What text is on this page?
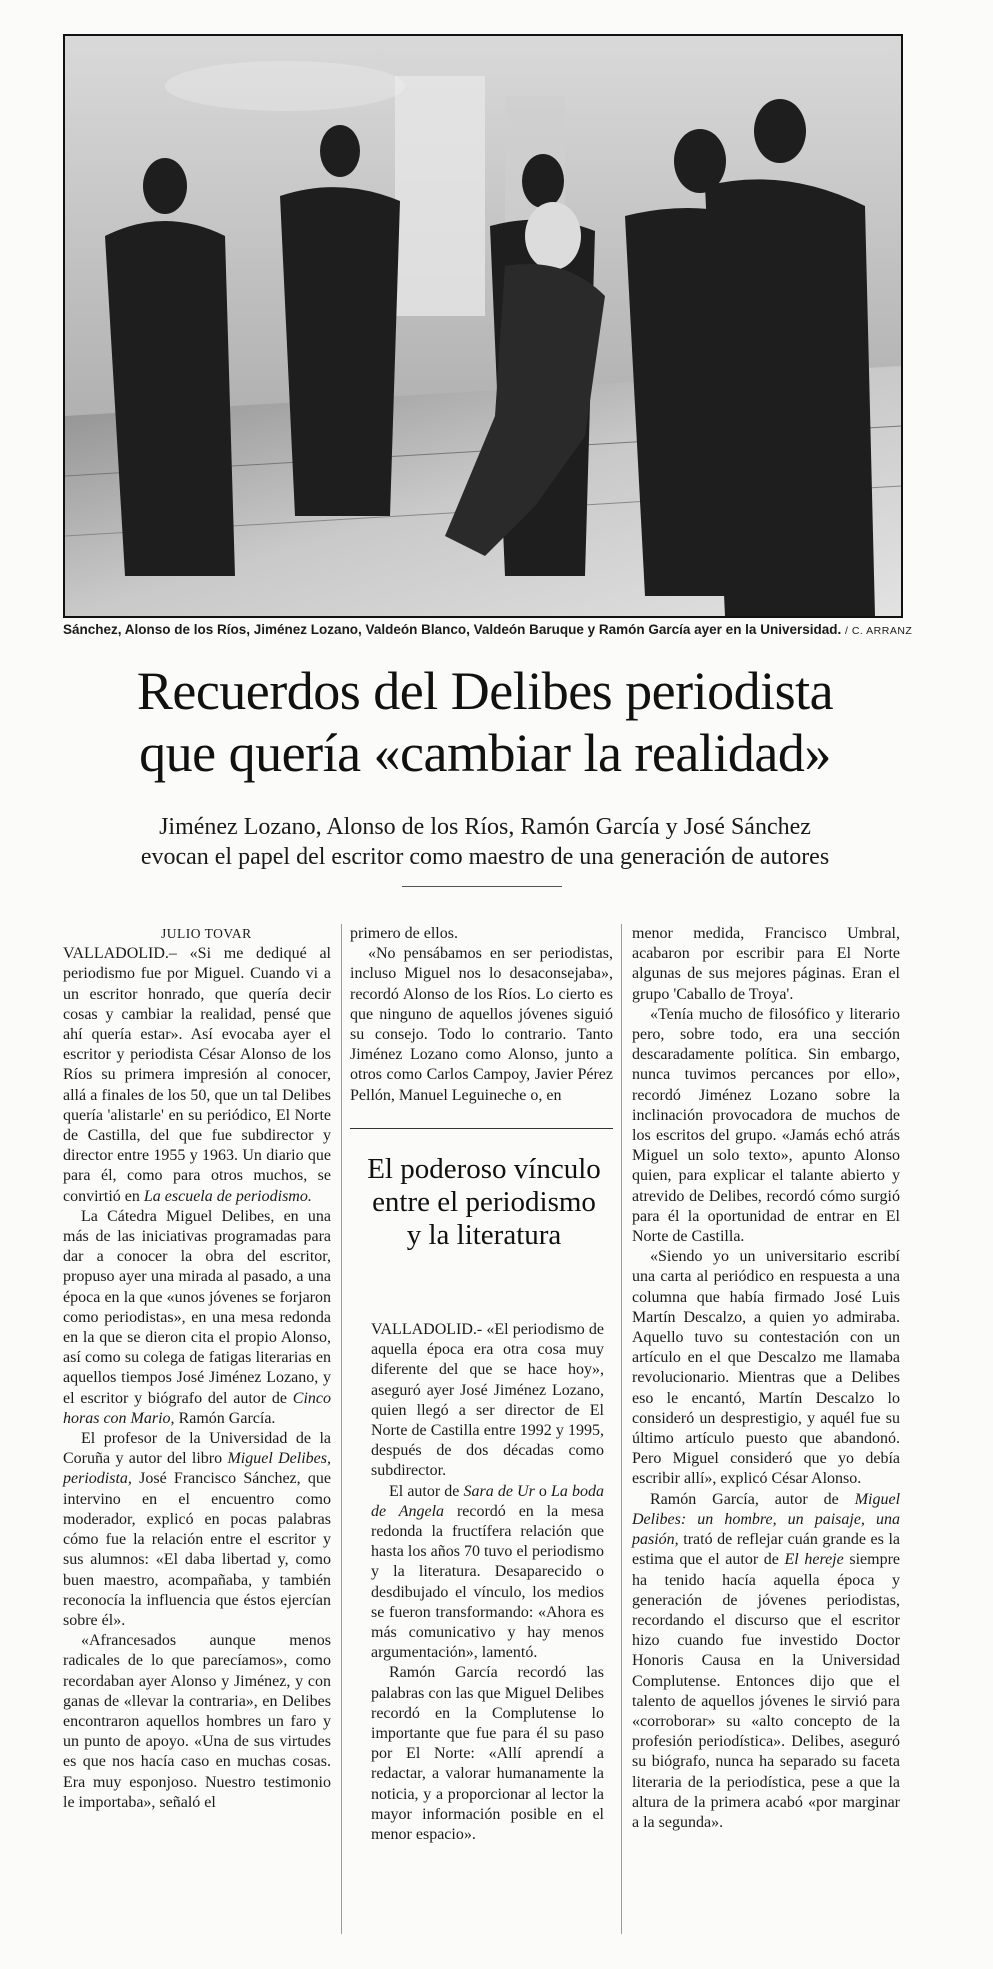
Sánchez, Alonso de los Ríos, Jiménez Lozano, Valdeón Blanco, Valdeón Baruque y Ramón García ayer en la Universidad. / C. ARRANZ
Recuerdos del Delibes periodista
que quería «cambiar la realidad»
Jiménez Lozano, Alonso de los Ríos, Ramón García y José Sánchez
evocan el papel del escritor como maestro de una generación de autores

JULIO TOVAR

VALLADOLID.– «Si me dediqué al periodismo fue por Miguel. Cuando vi a un escritor honrado, que quería decir cosas y cambiar la realidad, pensé que ahí quería estar». Así evocaba ayer el escritor y periodista César Alonso de los Ríos su primera impresión al conocer, allá a finales de los 50, que un tal Delibes quería 'alistarle' en su periódico, El Norte de Castilla, del que fue subdirector y director entre 1955 y 1963. Un diario que para él, como para otros muchos, se convirtió en La escuela de periodismo.

La Cátedra Miguel Delibes, en una más de las iniciativas programadas para dar a conocer la obra del escritor, propuso ayer una mirada al pasado, a una época en la que «unos jóvenes se forjaron como periodistas», en una mesa redonda en la que se dieron cita el propio Alonso, así como su colega de fatigas literarias en aquellos tiempos José Jiménez Lozano, y el escritor y biógrafo del autor de Cinco horas con Mario, Ramón García.

El profesor de la Universidad de la Coruña y autor del libro Miguel Delibes, periodista, José Francisco Sánchez, que intervino en el encuentro como moderador, explicó en pocas palabras cómo fue la relación entre el escritor y sus alumnos: «El daba libertad y, como buen maestro, acompañaba, y también reconocía la influencia que éstos ejercían sobre él».

«Afrancesados aunque menos radicales de lo que parecíamos», como recordaban ayer Alonso y Jiménez, y con ganas de «llevar la contraria», en Delibes encontraron aquellos hombres un faro y un punto de apoyo. «Una de sus virtudes es que nos hacía caso en muchas cosas. Era muy esponjoso. Nuestro testimonio le importaba», señaló el

primero de ellos.

«No pensábamos en ser periodistas, incluso Miguel nos lo desaconsejaba», recordó Alonso de los Ríos. Lo cierto es que ninguno de aquellos jóvenes siguió su consejo. Todo lo contrario. Tanto Jiménez Lozano como Alonso, junto a otros como Carlos Campoy, Javier Pérez Pellón, Manuel Leguineche o, en

El poderoso vínculo entre el periodismo y la literatura

VALLADOLID.- «El periodismo de aquella época era otra cosa muy diferente del que se hace hoy», aseguró ayer José Jiménez Lozano, quien llegó a ser director de El Norte de Castilla entre 1992 y 1995, después de dos décadas como subdirector.

El autor de Sara de Ur o La boda de Angela recordó en la mesa redonda la fructífera relación que hasta los años 70 tuvo el periodismo y la literatura. Desaparecido o desdibujado el vínculo, los medios se fueron transformando: «Ahora es más comunicativo y hay menos argumentación», lamentó.

Ramón García recordó las palabras con las que Miguel Delibes recordó en la Complutense lo importante que fue para él su paso por El Norte: «Allí aprendí a redactar, a valorar humanamente la noticia, y a proporcionar al lector la mayor información posible en el menor espacio».

menor medida, Francisco Umbral, acabaron por escribir para El Norte algunas de sus mejores páginas. Eran el grupo 'Caballo de Troya'.

«Tenía mucho de filosófico y literario pero, sobre todo, era una sección descaradamente política. Sin embargo, nunca tuvimos percances por ello», recordó Jiménez Lozano sobre la inclinación provocadora de muchos de los escritos del grupo. «Jamás echó atrás Miguel un solo texto», apunto Alonso quien, para explicar el talante abierto y atrevido de Delibes, recordó cómo surgió para él la oportunidad de entrar en El Norte de Castilla.

«Siendo yo un universitario escribí una carta al periódico en respuesta a una columna que había firmado José Luis Martín Descalzo, a quien yo admiraba. Aquello tuvo su contestación con un artículo en el que Descalzo me llamaba revolucionario. Mientras que a Delibes eso le encantó, Martín Descalzo lo consideró un desprestigio, y aquél fue su último artículo puesto que abandonó. Pero Miguel consideró que yo debía escribir allí», explicó César Alonso.

Ramón García, autor de Miguel Delibes: un hombre, un paisaje, una pasión, trató de reflejar cuán grande es la estima que el autor de El hereje siempre ha tenido hacía aquella época y generación de jóvenes periodistas, recordando el discurso que el escritor hizo cuando fue investido Doctor Honoris Causa en la Universidad Complutense. Entonces dijo que el talento de aquellos jóvenes le sirvió para «corroborar» su «alto concepto de la profesión periodística». Delibes, aseguró su biógrafo, nunca ha separado su faceta literaria de la periodística, pese a que la altura de la primera acabó «por marginar a la segunda».
